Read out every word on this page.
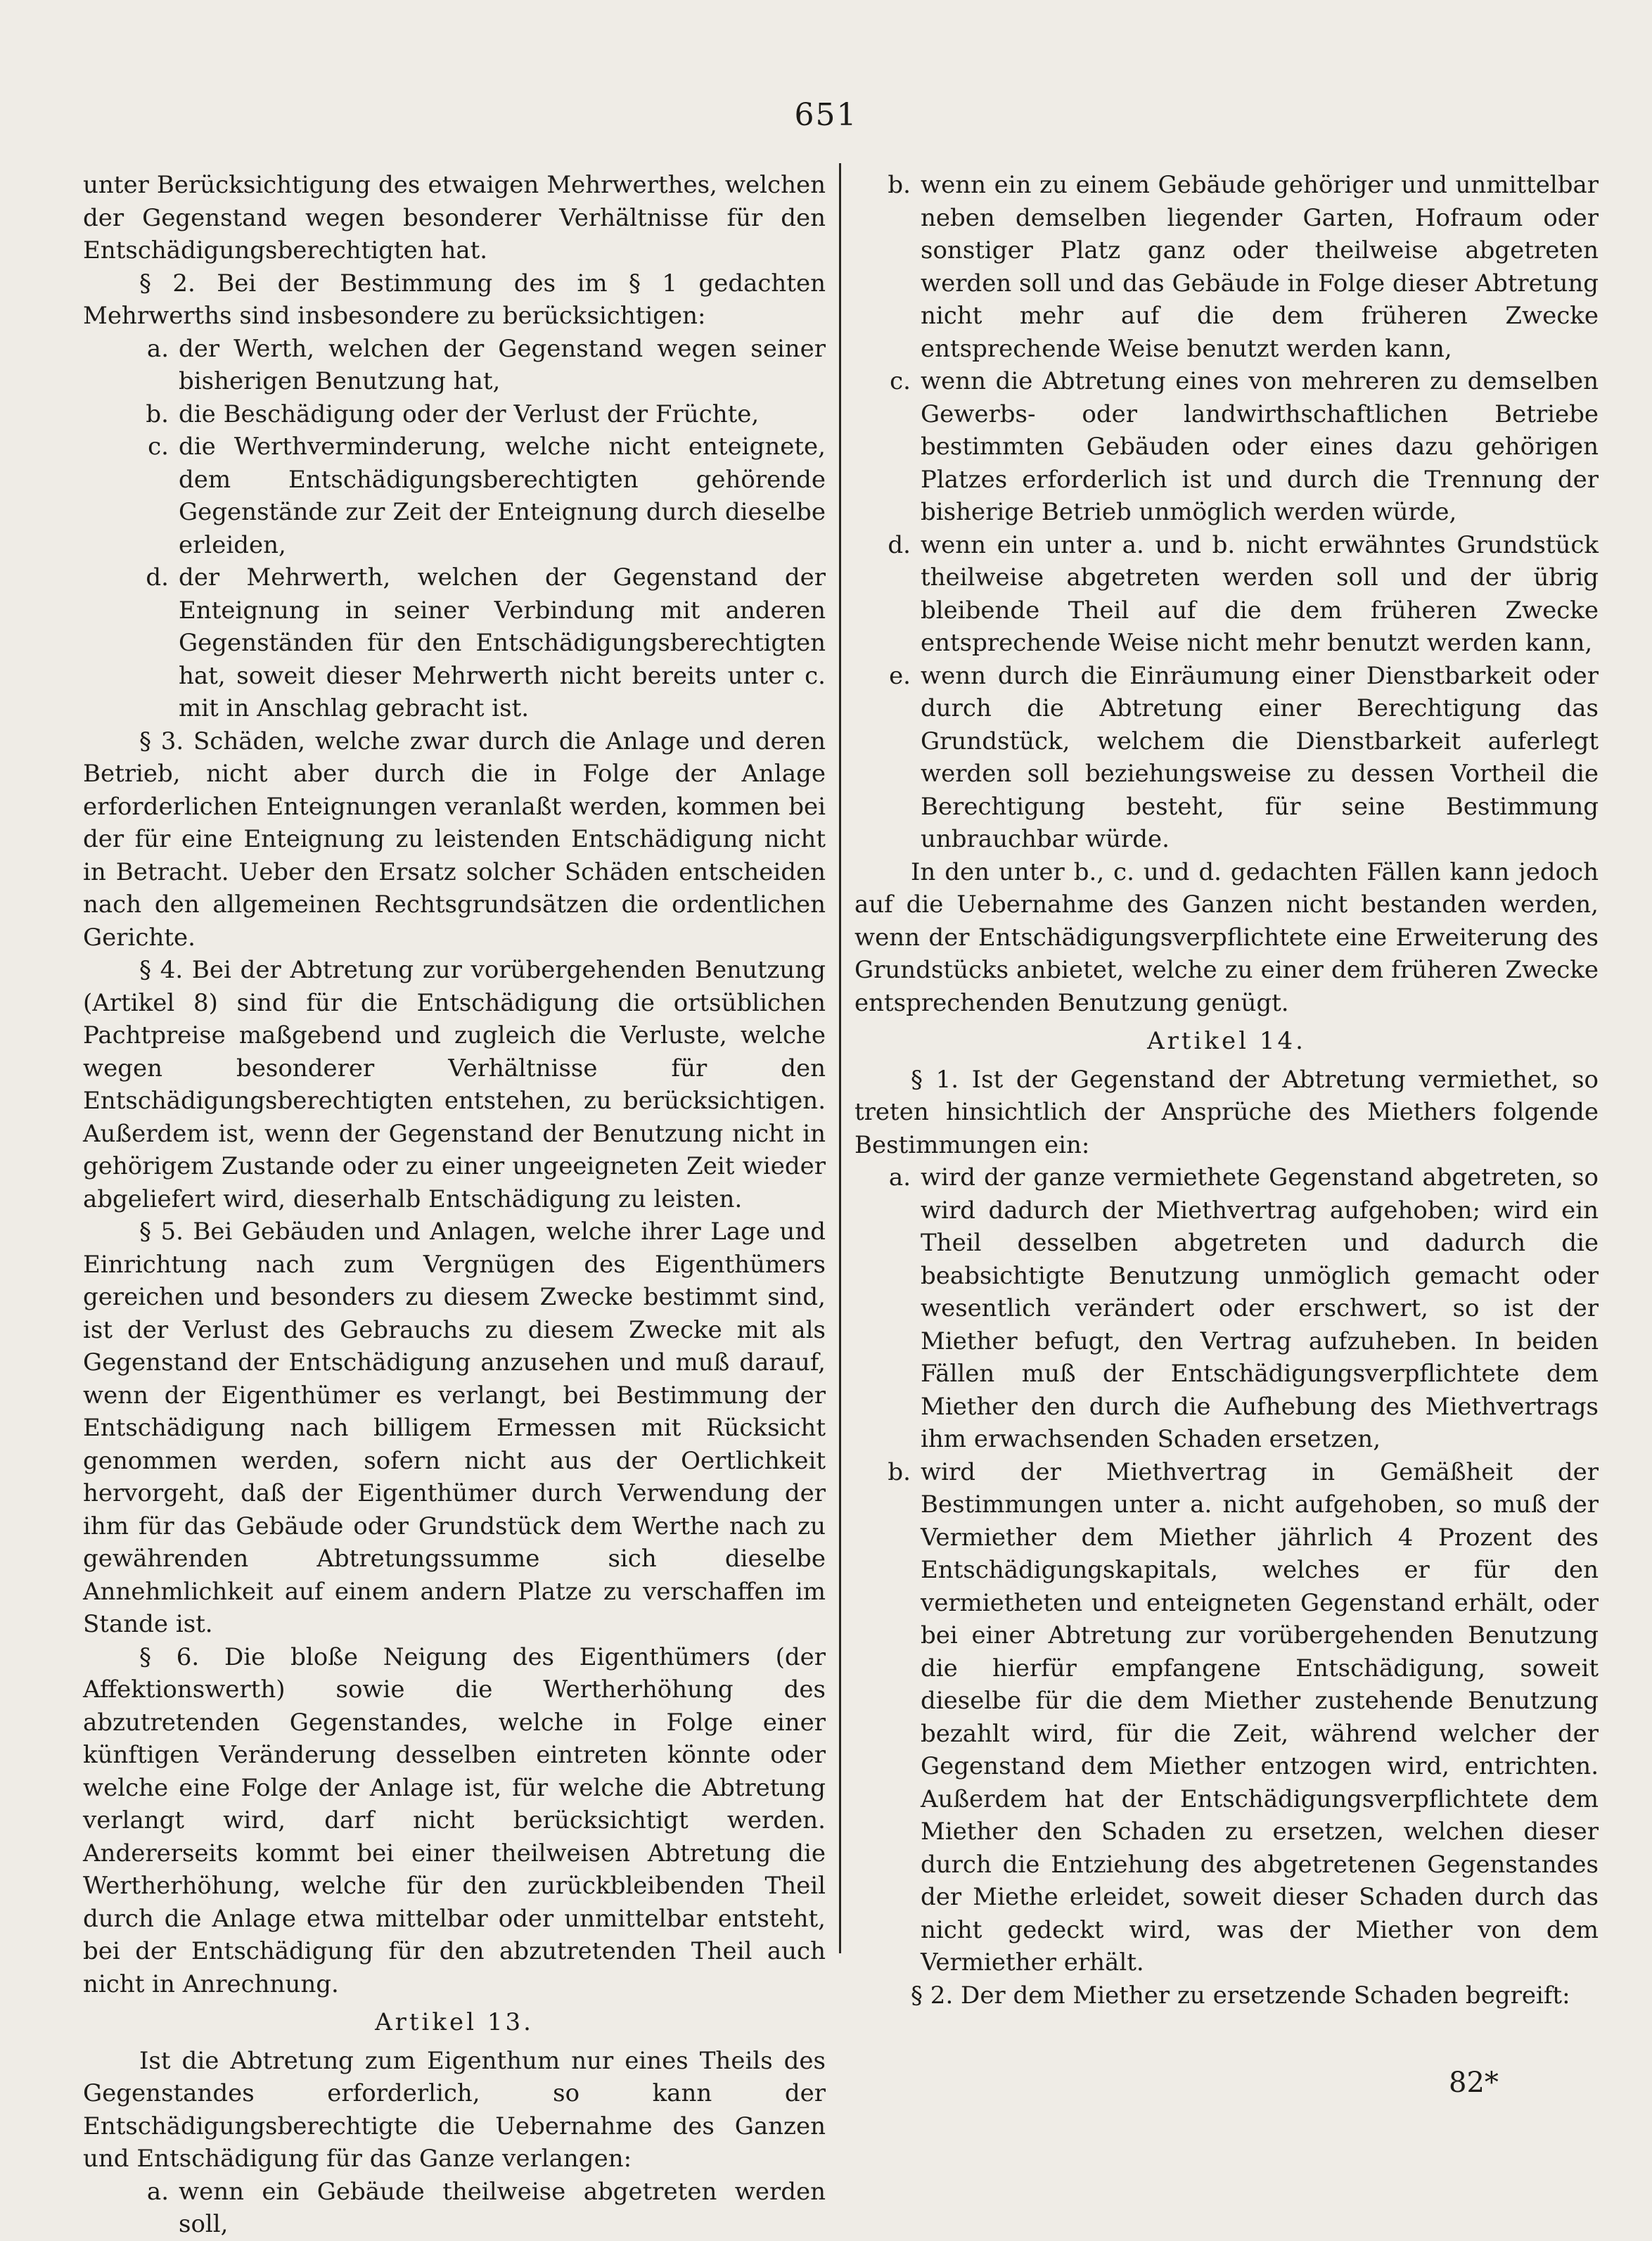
651

unter Berücksichtigung des etwaigen Mehrwerthes, welchen der Gegenstand wegen besonderer Verhältnisse für den Entschädigungsberechtigten hat.

§ 2. Bei der Bestimmung des im § 1 gedachten Mehrwerths sind insbesondere zu berücksichtigen:

a. der Werth, welchen der Gegenstand wegen seiner bisherigen Benutzung hat,
b. die Beschädigung oder der Verlust der Früchte,
c. die Werthverminderung, welche nicht enteignete, dem Entschädigungsberechtigten gehörende Gegenstände zur Zeit der Enteignung durch dieselbe erleiden,
d. der Mehrwerth, welchen der Gegenstand der Enteignung in seiner Verbindung mit anderen Gegenständen für den Entschädigungsberechtigten hat, soweit dieser Mehrwerth nicht bereits unter c. mit in Anschlag gebracht ist.

§ 3. Schäden, welche zwar durch die Anlage und deren Betrieb, nicht aber durch die in Folge der Anlage erforderlichen Enteignungen veranlaßt werden, kommen bei der für eine Enteignung zu leistenden Entschädigung nicht in Betracht. Ueber den Ersatz solcher Schäden entscheiden nach den allgemeinen Rechtsgrundsätzen die ordentlichen Gerichte.

§ 4. Bei der Abtretung zur vorübergehenden Benutzung (Artikel 8) sind für die Entschädigung die ortsüblichen Pachtpreise maßgebend und zugleich die Verluste, welche wegen besonderer Verhältnisse für den Entschädigungsberechtigten entstehen, zu berücksichtigen. Außerdem ist, wenn der Gegenstand der Benutzung nicht in gehörigem Zustande oder zu einer ungeeigneten Zeit wieder abgeliefert wird, dieserhalb Entschädigung zu leisten.

§ 5. Bei Gebäuden und Anlagen, welche ihrer Lage und Einrichtung nach zum Vergnügen des Eigenthümers gereichen und besonders zu diesem Zwecke bestimmt sind, ist der Verlust des Gebrauchs zu diesem Zwecke mit als Gegenstand der Entschädigung anzusehen und muß darauf, wenn der Eigenthümer es verlangt, bei Bestimmung der Entschädigung nach billigem Ermessen mit Rücksicht genommen werden, sofern nicht aus der Oertlichkeit hervorgeht, daß der Eigenthümer durch Verwendung der ihm für das Gebäude oder Grundstück dem Werthe nach zu gewährenden Abtretungssumme sich dieselbe Annehmlichkeit auf einem andern Platze zu verschaffen im Stande ist.

§ 6. Die bloße Neigung des Eigenthümers (der Affektionswerth) sowie die Wertherhöhung des abzutretenden Gegenstandes, welche in Folge einer künftigen Veränderung desselben eintreten könnte oder welche eine Folge der Anlage ist, für welche die Abtretung verlangt wird, darf nicht berücksichtigt werden. Andererseits kommt bei einer theilweisen Abtretung die Wertherhöhung, welche für den zurückbleibenden Theil durch die Anlage etwa mittelbar oder unmittelbar entsteht, bei der Entschädigung für den abzutretenden Theil auch nicht in Anrechnung.

Artikel 13.

Ist die Abtretung zum Eigenthum nur eines Theils des Gegenstandes erforderlich, so kann der Entschädigungsberechtigte die Uebernahme des Ganzen und Entschädigung für das Ganze verlangen:

a. wenn ein Gebäude theilweise abgetreten werden soll,
b. wenn ein zu einem Gebäude gehöriger und unmittelbar neben demselben liegender Garten, Hofraum oder sonstiger Platz ganz oder theilweise abgetreten werden soll und das Gebäude in Folge dieser Abtretung nicht mehr auf die dem früheren Zwecke entsprechende Weise benutzt werden kann,
c. wenn die Abtretung eines von mehreren zu demselben Gewerbs- oder landwirthschaftlichen Betriebe bestimmten Gebäuden oder eines dazu gehörigen Platzes erforderlich ist und durch die Trennung der bisherige Betrieb unmöglich werden würde,
d. wenn ein unter a. und b. nicht erwähntes Grundstück theilweise abgetreten werden soll und der übrig bleibende Theil auf die dem früheren Zwecke entsprechende Weise nicht mehr benutzt werden kann,
e. wenn durch die Einräumung einer Dienstbarkeit oder durch die Abtretung einer Berechtigung das Grundstück, welchem die Dienstbarkeit auferlegt werden soll beziehungsweise zu dessen Vortheil die Berechtigung besteht, für seine Bestimmung unbrauchbar würde.

In den unter b., c. und d. gedachten Fällen kann jedoch auf die Uebernahme des Ganzen nicht bestanden werden, wenn der Entschädigungsverpflichtete eine Erweiterung des Grundstücks anbietet, welche zu einer dem früheren Zwecke entsprechenden Benutzung genügt.

Artikel 14.

§ 1. Ist der Gegenstand der Abtretung vermiethet, so treten hinsichtlich der Ansprüche des Miethers folgende Bestimmungen ein:

a. wird der ganze vermiethete Gegenstand abgetreten, so wird dadurch der Miethvertrag aufgehoben; wird ein Theil desselben abgetreten und dadurch die beabsichtigte Benutzung unmöglich gemacht oder wesentlich verändert oder erschwert, so ist der Miether befugt, den Vertrag aufzuheben. In beiden Fällen muß der Entschädigungsverpflichtete dem Miether den durch die Aufhebung des Miethvertrags ihm erwachsenden Schaden ersetzen,
b. wird der Miethvertrag in Gemäßheit der Bestimmungen unter a. nicht aufgehoben, so muß der Vermiether dem Miether jährlich 4 Prozent des Entschädigungskapitals, welches er für den vermietheten und enteigneten Gegenstand erhält, oder bei einer Abtretung zur vorübergehenden Benutzung die hierfür empfangene Entschädigung, soweit dieselbe für die dem Miether zustehende Benutzung bezahlt wird, für die Zeit, während welcher der Gegenstand dem Miether entzogen wird, entrichten. Außerdem hat der Entschädigungsverpflichtete dem Miether den Schaden zu ersetzen, welchen dieser durch die Entziehung des abgetretenen Gegenstandes der Miethe erleidet, soweit dieser Schaden durch das nicht gedeckt wird, was der Miether von dem Vermiether erhält.

§ 2. Der dem Miether zu ersetzende Schaden begreift:

82*
